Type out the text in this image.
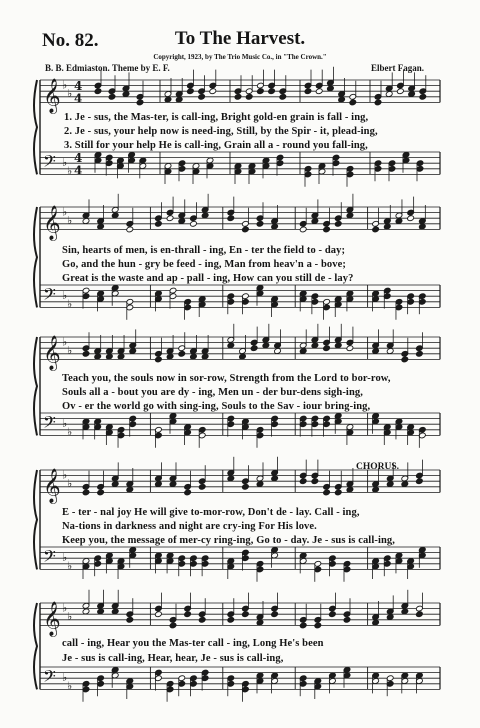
No. 82.	To The Harvest.
Copyright, 1923, by The Trio Music Co., in "The Crown."
B. B. Edmiaston. Theme by E. F.	Elbert Fagan.
𝄞 ♭
♭
4
4
𝄢 ♭
♭
4
4
𝄞 ♭
♭
𝄢 ♭
♭
𝄞 ♭
♭
𝄢 ♭
♭
𝄞 ♭
♭
𝄢 ♭
♭
𝄞 ♭
♭
𝄢 ♭
♭
1. Je - sus, the Mas-ter, is call-ing, Bright gold-en grain is fall - ing,
2. Je - sus, your help now is need-ing, Still, by the Spir - it, plead-ing,
3. Still for your help He is call-ing, Grain all a - round you fall-ing,
Sin, hearts of men, is en-thrall - ing, En - ter the field to - day;
Go, and the hun - gry be feed - ing, Man from heav'n a - bove;
Great is the waste and ap - pall - ing, How can you still de - lay?
Teach you, the souls now in sor-row, Strength from the Lord to bor-row,
Souls all a - bout you are dy - ing, Men un - der bur-dens sigh-ing,
Ov - er the world go with sing-ing, Souls to the Sav - iour bring-ing,
CHORUS.
E - ter - nal joy He will give to-mor-row, Don't de - lay. Call - ing,
Na-tions in darkness and night are cry-ing For His love.
Keep you, the message of mer-cy ring-ing, Go to - day. Je - sus is call-ing,
call - ing, Hear you the Mas-ter call - ing, Long He's been
Je - sus is call-ing, Hear, hear, Je - sus is call-ing,
